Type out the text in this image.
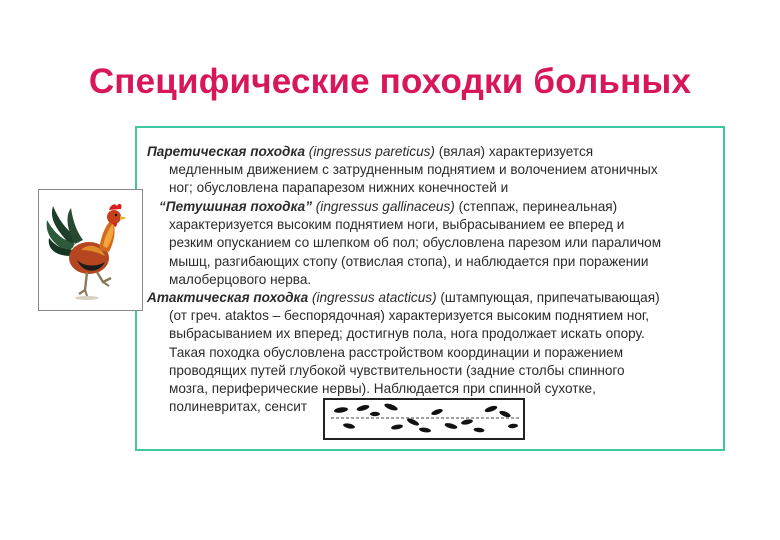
Специфические походки больных
Паретическая походка (ingressus pareticus) (вялая) характеризуется
медленным движением с затрудненным поднятием и волочением атоничных
ног; обусловлена парапарезом нижних конечностей и
“Петушиная походка” (ingressus gallinaceus) (степпаж, перинеальная)
характеризуется высоким поднятием ноги, выбрасыванием ее вперед и
резким опусканием со шлепком об пол; обусловлена парезом или параличом
мышц, разгибающих стопу (отвислая стопа), и наблюдается при поражении
малоберцового нерва.
Атактическая походка (ingressus atacticus) (штампующая, припечатывающая)
(от греч. ataktos – беспорядочная) характеризуется высоким поднятием ног,
выбрасыванием их вперед; достигнув пола, нога продолжает искать опору.
Такая походка обусловлена расстройством координации и поражением
проводящих путей глубокой чувствительности (задние столбы спинного
мозга, периферические нервы). Наблюдается при спинной сухотке,
полиневритах, сенсит
